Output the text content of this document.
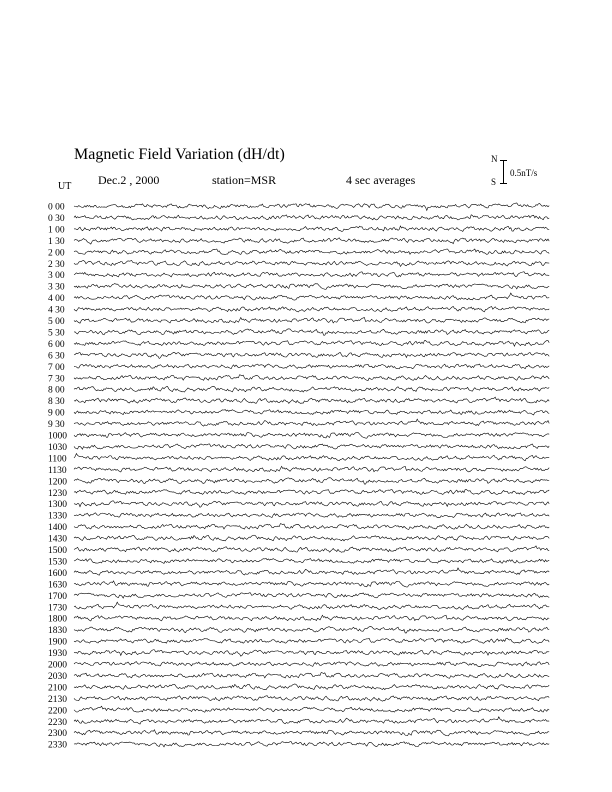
Magnetic Field Variation (dH/dt)
Dec.2 , 2000	station=MSR	4 sec averages
UT
N
S
0.5nT/s
0 00
0 30
1 00
1 30
2 00
2 30
3 00
3 30
4 00
4 30
5 00
5 30
6 00
6 30
7 00
7 30
8 00
8 30
9 00
9 30
1000
1030
1100
1130
1200
1230
1300
1330
1400
1430
1500
1530
1600
1630
1700
1730
1800
1830
1900
1930
2000
2030
2100
2130
2200
2230
2300
2330
